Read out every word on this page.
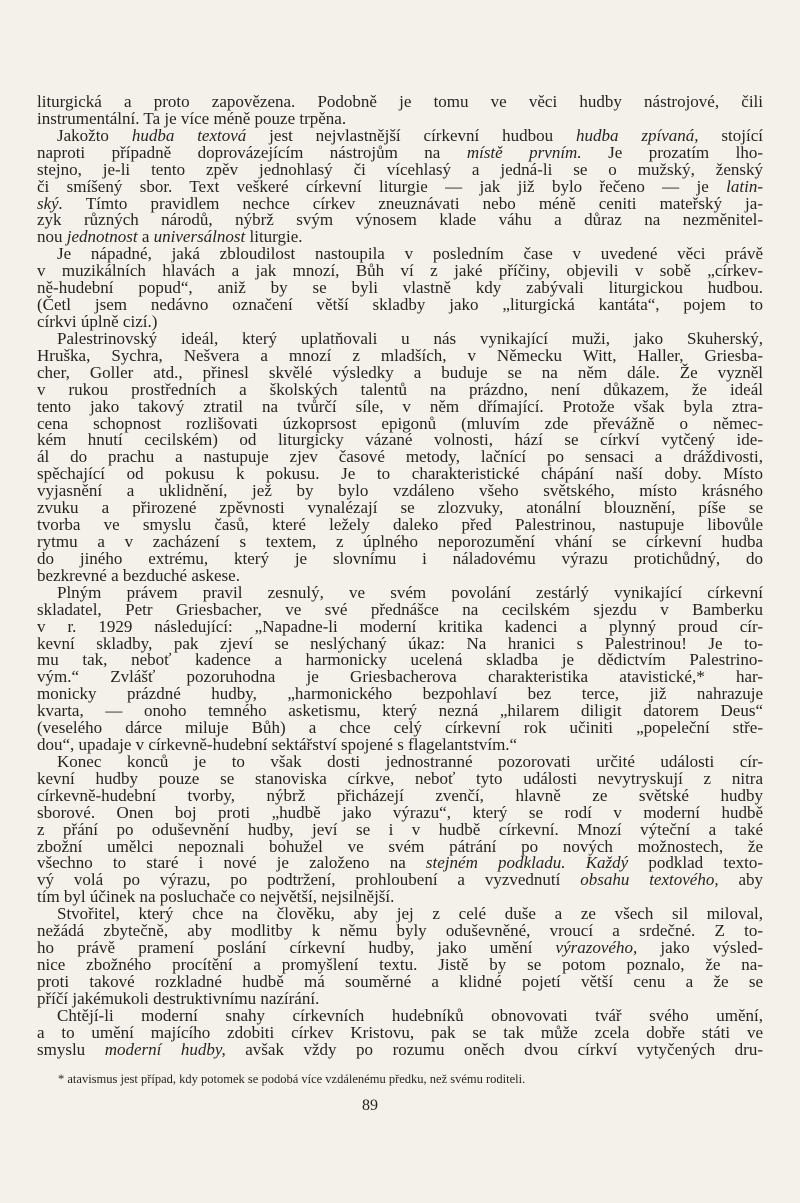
liturgická a proto zapovězena. Podobně je tomu ve věci hudby nástrojové, čili
instrumentální. Ta je více méně pouze trpěna.
Jakožto hudba textová jest nejvlastnější církevní hudbou hudba zpívaná, stojící
naproti případně doprovázejícím nástrojům na místě prvním. Je prozatím lho-
stejno, je-li tento zpěv jednohlasý či vícehlasý a jedná-li se o mužský, ženský
či smíšený sbor. Text veškeré církevní liturgie — jak již bylo řečeno — je latin-
ský. Tímto pravidlem nechce církev zneuznávati nebo méně ceniti mateřský ja-
zyk různých národů, nýbrž svým výnosem klade váhu a důraz na nezměnitel-
nou jednotnost a universálnost liturgie.
Je nápadné, jaká zbloudilost nastoupila v posledním čase v uvedené věci právě
v muzikálních hlavách a jak mnozí, Bůh ví z jaké příčiny, objevili v sobě „církev-
ně-hudební popud“, aniž by se byli vlastně kdy zabývali liturgickou hudbou.
(Četl jsem nedávno označení větší skladby jako „liturgická kantáta“, pojem to
církvi úplně cizí.)
Palestrinovský ideál, který uplatňovali u nás vynikající muži, jako Skuherský,
Hruška, Sychra, Nešvera a mnozí z mladších, v Německu Witt, Haller, Griesba-
cher, Goller atd., přinesl skvělé výsledky a buduje se na něm dále. Že vyzněl
v rukou prostředních a školských talentů na prázdno, není důkazem, že ideál
tento jako takový ztratil na tvůrčí síle, v něm dřímající. Protože však byla ztra-
cena schopnost rozlišovati úzkoprsost epigonů (mluvím zde převážně o němec-
kém hnutí cecilském) od liturgicky vázané volnosti, hází se církví vytčený ide-
ál do prachu a nastupuje zjev časové metody, lačnící po sensaci a dráždivosti,
spěchající od pokusu k pokusu. Je to charakteristické chápání naší doby. Místo
vyjasnění a uklidnění, jež by bylo vzdáleno všeho světského, místo krásného
zvuku a přirozené zpěvnosti vynalézají se zlozvuky, atonální blouznění, píše se
tvorba ve smyslu časů, které ležely daleko před Palestrinou, nastupuje libovůle
rytmu a v zacházení s textem, z úplného neporozumění vhání se církevní hudba
do jiného extrému, který je slovnímu i náladovému výrazu protichůdný, do
bezkrevné a bezduché askese.
Plným právem pravil zesnulý, ve svém povolání zestárlý vynikající církevní
skladatel, Petr Griesbacher, ve své přednášce na cecilském sjezdu v Bamberku
v r. 1929 následující: „Napadne-li moderní kritika kadenci a plynný proud cír-
kevní skladby, pak zjeví se neslýchaný úkaz: Na hranici s Palestrinou! Je to-
mu tak, neboť kadence a harmonicky ucelená skladba je dědictvím Palestrino-
vým.“ Zvlášť pozoruhodna je Griesbacherova charakteristika atavistické,* har-
monicky prázdné hudby, „harmonického bezpohlaví bez terce, již nahrazuje
kvarta, — onoho temného asketismu, který nezná „hilarem diligit datorem Deus“
(veselého dárce miluje Bůh) a chce celý církevní rok učiniti „popeleční stře-
dou“, upadaje v církevně-hudební sektářství spojené s flagelantstvím.“
Konec konců je to však dosti jednostranné pozorovati určité události cír-
kevní hudby pouze se stanoviska církve, neboť tyto události nevytryskují z nitra
církevně-hudební tvorby, nýbrž přicházejí zvenčí, hlavně ze světské hudby
sborové. Onen boj proti „hudbě jako výrazu“, který se rodí v moderní hudbě
z přání po oduševnění hudby, jeví se i v hudbě církevní. Mnozí výteční a také
zbožní umělci nepoznali bohužel ve svém pátrání po nových možnostech, že
všechno to staré i nové je založeno na stejném podkladu. Každý podklad texto-
vý volá po výrazu, po podtržení, prohloubení a vyzvednutí obsahu textového, aby
tím byl účinek na posluchače co největší, nejsilnější.
Stvořitel, který chce na člověku, aby jej z celé duše a ze všech sil miloval,
nežádá zbytečně, aby modlitby k němu byly oduševněné, vroucí a srdečné. Z to-
ho právě pramení poslání církevní hudby, jako umění výrazového, jako výsled-
nice zbožného procítění a promyšlení textu. Jistě by se potom poznalo, že na-
proti takové rozkladné hudbě má souměrné a klidné pojetí větší cenu a že se
příčí jakémukoli destruktivnímu nazírání.
Chtějí-li moderní snahy církevních hudebníků obnovovati tvář svého umění,
a to umění majícího zdobiti církev Kristovu, pak se tak může zcela dobře státi ve
smyslu moderní hudby, avšak vždy po rozumu oněch dvou církví vytyčených dru-
* atavismus jest případ, kdy potomek se podobá více vzdálenému předku, než svému roditeli.
89
